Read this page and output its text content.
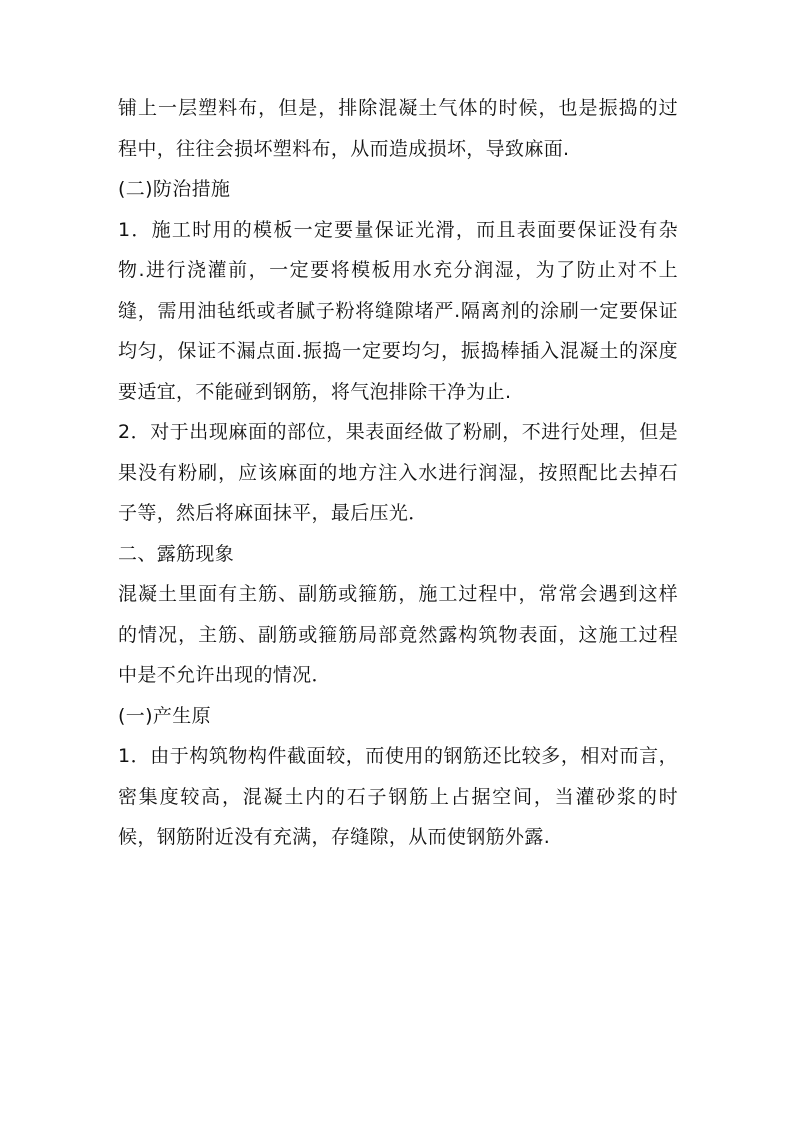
铺上一层塑料布，但是，排除混凝土气体的时候，也是振捣的过程中，往往会损坏塑料布，从而造成损坏，导致麻面.

(二)防治措施

1．施工时用的模板一定要量保证光滑，而且表面要保证没有杂物.进行浇灌前，一定要将模板用水充分润湿，为了防止对不上缝，需用油毡纸或者腻子粉将缝隙堵严.隔离剂的涂刷一定要保证均匀，保证不漏点面.振捣一定要均匀，振捣棒插入混凝土的深度要适宜，不能碰到钢筋，将气泡排除干净为止.

2．对于出现麻面的部位，果表面经做了粉刷，不进行处理，但是果没有粉刷，应该麻面的地方注入水进行润湿，按照配比去掉石子等，然后将麻面抹平，最后压光．

二、露筋现象

混凝土里面有主筋、副筋或箍筋，施工过程中，常常会遇到这样的情况，主筋、副筋或箍筋局部竟然露构筑物表面，这施工过程中是不允许出现的情况．

(一)产生原

1．由于构筑物构件截面较，而使用的钢筋还比较多，相对而言，密集度较高，混凝土内的石子钢筋上占据空间，当灌砂浆的时候，钢筋附近没有充满，存缝隙，从而使钢筋外露.
